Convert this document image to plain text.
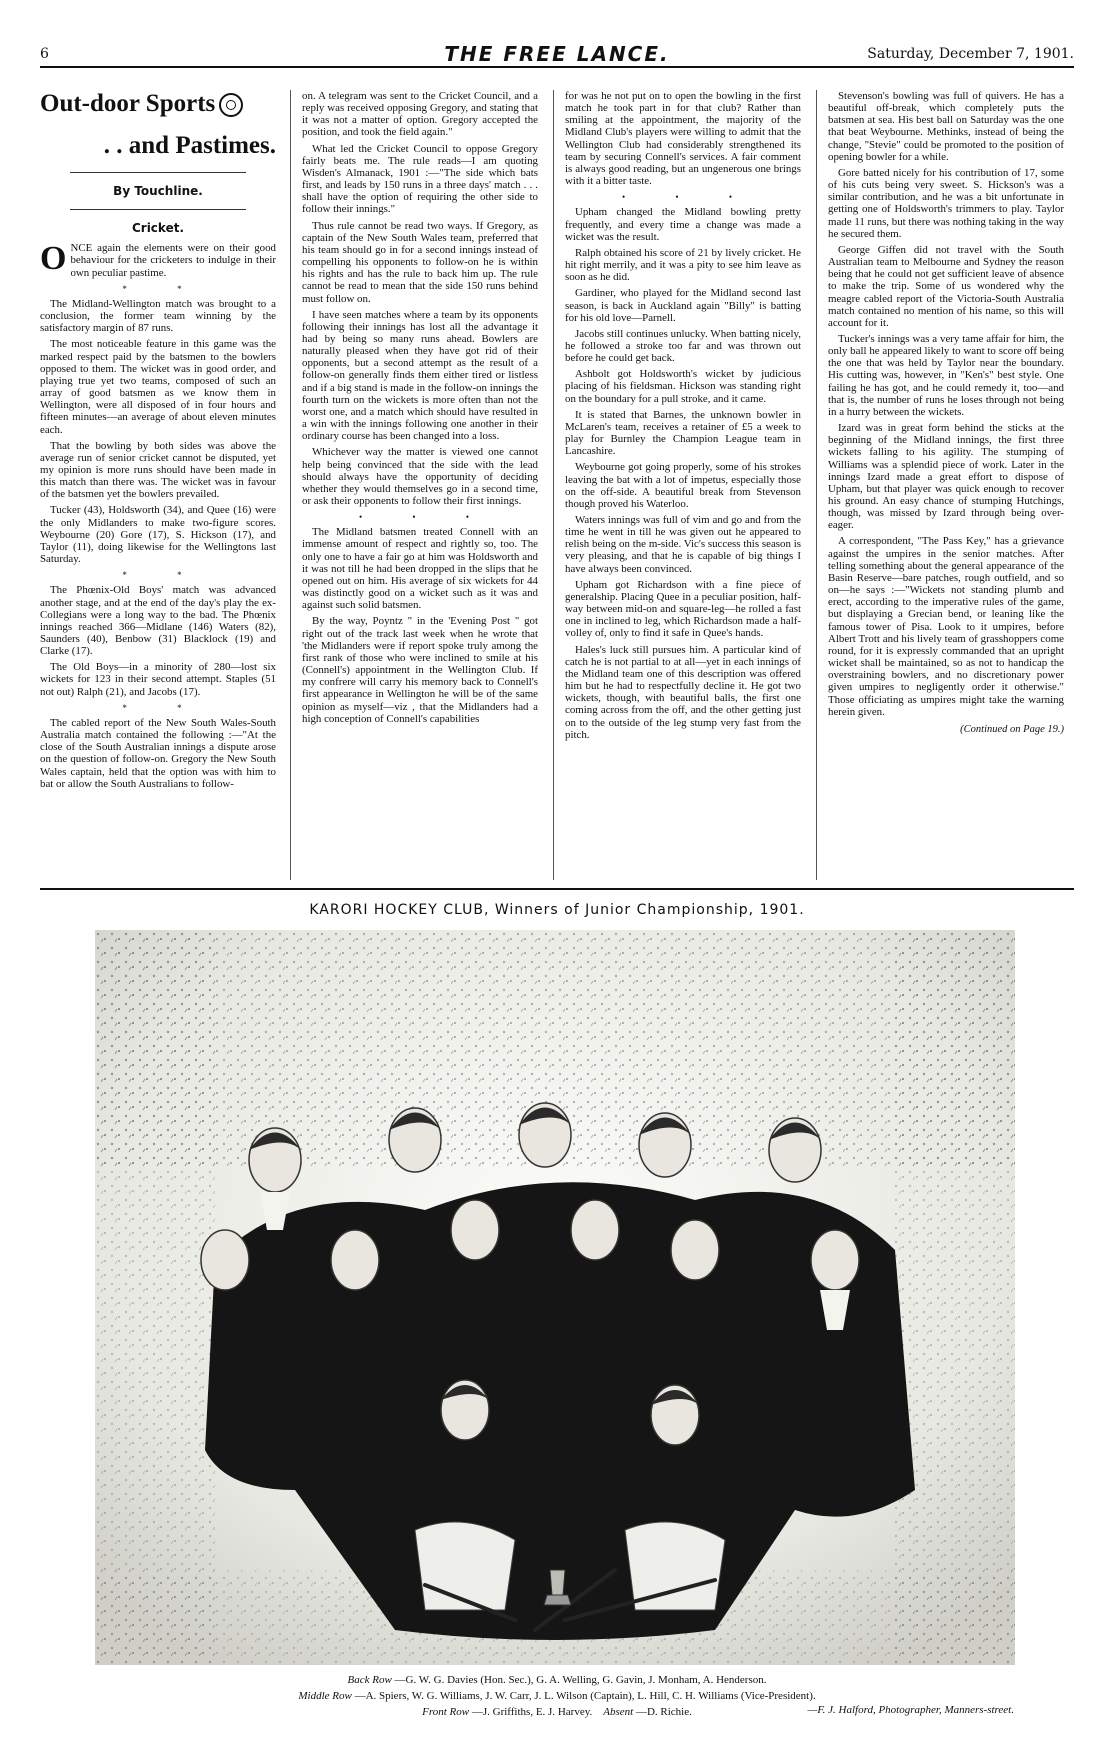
6	THE FREE LANCE.	Saturday, December 7, 1901.
Out-door Sports
. . and Pastimes.
By Touchline.
Cricket.

ONCE again the elements were on their good behaviour for the cricketers to indulge in their own peculiar pastime.

* *

The Midland-Wellington match was brought to a conclusion, the former team winning by the satisfactory margin of 87 runs.

The most noticeable feature in this game was the marked respect paid by the batsmen to the bowlers opposed to them. The wicket was in good order, and playing true yet two teams, composed of such an array of good batsmen as we know them in Wellington, were all disposed of in four hours and fifteen minutes—an average of about eleven minutes each.

That the bowling by both sides was above the average run of senior cricket cannot be disputed, yet my opinion is more runs should have been made in this match than there was. The wicket was in favour of the batsmen yet the bowlers prevailed.

Tucker (43), Holdsworth (34), and Quee (16) were the only Midlanders to make two-figure scores. Weybourne (20) Gore (17), S. Hickson (17), and Taylor (11), doing likewise for the Wellingtons last Saturday.

* *

The Phœnix-Old Boys' match was advanced another stage, and at the end of the day's play the ex-Collegians were a long way to the bad. The Phœnix innings reached 366—Midlane (146) Waters (82), Saunders (40), Benbow (31) Blacklock (19) and Clarke (17).

The Old Boys—in a minority of 280—lost six wickets for 123 in their second attempt. Staples (51 not out) Ralph (21), and Jacobs (17).

* *

The cabled report of the New South Wales-South Australia match contained the following :—"At the close of the South Australian innings a dispute arose on the question of follow-on. Gregory the New South Wales captain, held that the option was with him to bat or allow the South Australians to follow-

on. A telegram was sent to the Cricket Council, and a reply was received opposing Gregory, and stating that it was not a matter of option. Gregory accepted the position, and took the field again."

What led the Cricket Council to oppose Gregory fairly beats me. The rule reads—I am quoting Wisden's Almanack, 1901 :—"The side which bats first, and leads by 150 runs in a three days' match . . . shall have the option of requiring the other side to follow their innings."

Thus rule cannot be read two ways. If Gregory, as captain of the New South Wales team, preferred that his team should go in for a second innings instead of compelling his opponents to follow-on he is within his rights and has the rule to back him up. The rule cannot be read to mean that the side 150 runs behind must follow on.

I have seen matches where a team by its opponents following their innings has lost all the advantage it had by being so many runs ahead. Bowlers are naturally pleased when they have got rid of their opponents, but a second attempt as the result of a follow-on generally finds them either tired or listless and if a big stand is made in the follow-on innings the fourth turn on the wickets is more often than not the worst one, and a match which should have resulted in a win with the innings following one another in their ordinary course has been changed into a loss.

Whichever way the matter is viewed one cannot help being convinced that the side with the lead should always have the opportunity of deciding whether they would themselves go in a second time, or ask their opponents to follow their first innings.

• • •

The Midland batsmen treated Connell with an immense amount of respect and rightly so, too. The only one to have a fair go at him was Holdsworth and it was not till he had been dropped in the slips that he opened out on him. His average of six wickets for 44 was distinctly good on a wicket such as it was and against such solid batsmen.

By the way, Poyntz " in the 'Evening Post " got right out of the track last week when he wrote that 'the Midlanders were if report spoke truly among the first rank of those who were inclined to smile at his (Connell's) appointment in the Wellington Club. If my confrere will carry his memory back to Connell's first appearance in Wellington he will be of the same opinion as myself—viz , that the Midlanders had a high conception of Connell's capabilities

for was he not put on to open the bowling in the first match he took part in for that club? Rather than smiling at the appointment, the majority of the Midland Club's players were willing to admit that the Wellington Club had considerably strengthened its team by securing Connell's services. A fair comment is always good reading, but an ungenerous one brings with it a bitter taste.

• • •

Upham changed the Midland bowling pretty frequently, and every time a change was made a wicket was the result.

Ralph obtained his score of 21 by lively cricket. He hit right merrily, and it was a pity to see him leave as soon as he did.

Gardiner, who played for the Midland second last season, is back in Auckland again "Billy" is batting for his old love—Parnell.

Jacobs still continues unlucky. When batting nicely, he followed a stroke too far and was thrown out before he could get back.

Ashbolt got Holdsworth's wicket by judicious placing of his fieldsman. Hickson was standing right on the boundary for a pull stroke, and it came.

It is stated that Barnes, the unknown bowler in McLaren's team, receives a retainer of £5 a week to play for Burnley the Champion League team in Lancashire.

Weybourne got going properly, some of his strokes leaving the bat with a lot of impetus, especially those on the off-side. A beautiful break from Stevenson though proved his Waterloo.

Waters innings was full of vim and go and from the time he went in till he was given out he appeared to relish being on the m-side. Vic's success this season is very pleasing, and that he is capable of big things I have always been convinced.

Upham got Richardson with a fine piece of generalship. Placing Quee in a peculiar position, half-way between mid-on and square-leg—he rolled a fast one in inclined to leg, which Richardson made a half-volley of, only to find it safe in Quee's hands.

Hales's luck still pursues him. A particular kind of catch he is not partial to at all—yet in each innings of the Midland team one of this description was offered him but he had to respectfully decline it. He got two wickets, though, with beautiful balls, the first one coming across from the off, and the other getting just on to the outside of the leg stump very fast from the pitch.

Stevenson's bowling was full of quivers. He has a beautiful off-break, which completely puts the batsmen at sea. His best ball on Saturday was the one that beat Weybourne. Methinks, instead of being the change, "Stevie" could be promoted to the position of opening bowler for a while.

Gore batted nicely for his contribution of 17, some of his cuts being very sweet. S. Hickson's was a similar contribution, and he was a bit unfortunate in getting one of Holdsworth's trimmers to play. Taylor made 11 runs, but there was nothing taking in the way he secured them.

George Giffen did not travel with the South Australian team to Melbourne and Sydney the reason being that he could not get sufficient leave of absence to make the trip. Some of us wondered why the meagre cabled report of the Victoria-South Australia match contained no mention of his name, so this will account for it.

Tucker's innings was a very tame affair for him, the only ball he appeared likely to want to score off being the one that was held by Taylor near the boundary. His cutting was, however, in "Ken's" best style. One failing he has got, and he could remedy it, too—and that is, the number of runs he loses through not being in a hurry between the wickets.

Izard was in great form behind the sticks at the beginning of the Midland innings, the first three wickets falling to his agility. The stumping of Williams was a splendid piece of work. Later in the innings Izard made a great effort to dispose of Upham, but that player was quick enough to recover his ground. An easy chance of stumping Hutchings, though, was missed by Izard through being over-eager.

A correspondent, "The Pass Key," has a grievance against the umpires in the senior matches. After telling something about the general appearance of the Basin Reserve—bare patches, rough outfield, and so on—he says :—"Wickets not standing plumb and erect, according to the imperative rules of the game, but displaying a Grecian bend, or leaning like the famous tower of Pisa. Look to it umpires, before Albert Trott and his lively team of grasshoppers come round, for it is expressly commanded that an upright wicket shall be maintained, so as not to handicap the overstraining bowlers, and no discretionary power given umpires to negligently order it otherwise." Those officiating as umpires might take the warning herein given.

(Continued on Page 19.)
KARORI HOCKEY CLUB, Winners of Junior Championship, 1901.
Back Row —G. W. G. Davies (Hon. Sec.), G. A. Welling, G. Gavin, J. Monham, A. Henderson.
Middle Row —A. Spiers, W. G. Williams, J. W. Carr, J. L. Wilson (Captain), L. Hill, C. H. Williams (Vice-President).
Front Row —J. Griffiths, E. J. Harvey. Absent —D. Richie.	—F. J. Halford, Photographer, Manners-street.
